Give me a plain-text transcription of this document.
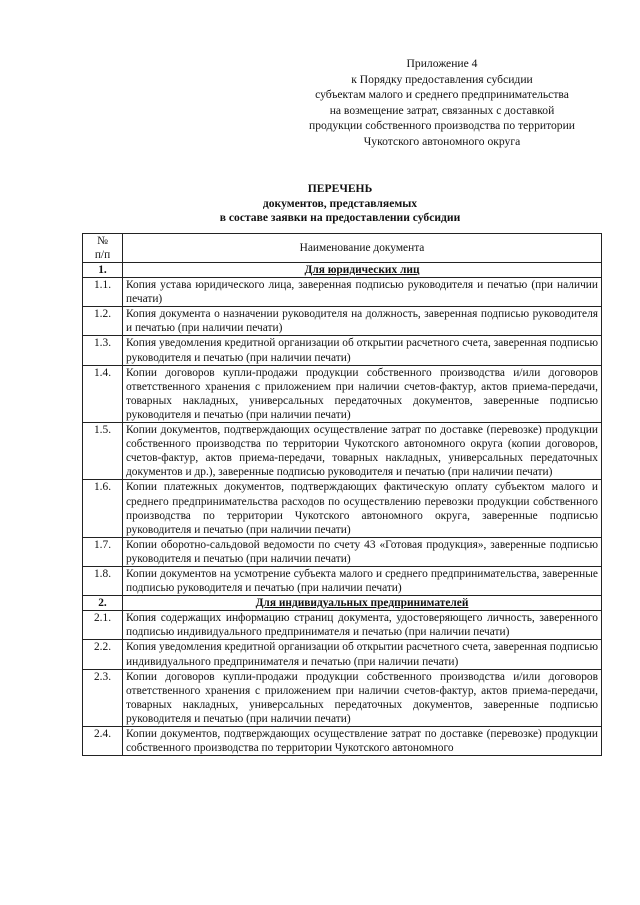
Приложение 4
к Порядку предоставления субсидии
субъектам малого и среднего предпринимательства
на возмещение затрат, связанных с доставкой
продукции собственного производства по территории
Чукотского автономного округа
ПЕРЕЧЕНЬ
документов, представляемых
в составе заявки на предоставлении субсидии
№
п/п	Наименование документа
1.	Для юридических лиц
1.1.	Копия устава юридического лица, заверенная подписью руководителя и печатью (при наличии печати)
1.2.	Копия документа о назначении руководителя на должность, заверенная подписью руководителя и печатью (при наличии печати)
1.3.	Копия уведомления кредитной организации об открытии расчетного счета, заверенная подписью руководителя и печатью (при наличии печати)
1.4.	Копии договоров купли-продажи продукции собственного производства и/или договоров ответственного хранения с приложением при наличии счетов-фактур, актов приема-передачи, товарных накладных, универсальных передаточных документов, заверенные подписью руководителя и печатью (при наличии печати)
1.5.	Копии документов, подтверждающих осуществление затрат по доставке (перевозке) продукции собственного производства по территории Чукотского автономного округа (копии договоров, счетов-фактур, актов приема-передачи, товарных накладных, универсальных передаточных документов и др.), заверенные подписью руководителя и печатью (при наличии печати)
1.6.	Копии платежных документов, подтверждающих фактическую оплату субъектом малого и среднего предпринимательства расходов по осуществлению перевозки продукции собственного производства по территории Чукотского автономного округа, заверенные подписью руководителя и печатью (при наличии печати)
1.7.	Копии оборотно-сальдовой ведомости по счету 43 «Готовая продукция», заверенные подписью руководителя и печатью (при наличии печати)
1.8.	Копии документов на усмотрение субъекта малого и среднего предпринимательства, заверенные подписью руководителя и печатью (при наличии печати)
2.	Для индивидуальных предпринимателей
2.1.	Копия содержащих информацию страниц документа, удостоверяющего личность, заверенного подписью индивидуального предпринимателя и печатью (при наличии печати)
2.2.	Копия уведомления кредитной организации об открытии расчетного счета, заверенная подписью индивидуального предпринимателя и печатью (при наличии печати)
2.3.	Копии договоров купли-продажи продукции собственного производства и/или договоров ответственного хранения с приложением при наличии счетов-фактур, актов приема-передачи, товарных накладных, универсальных передаточных документов, заверенные подписью руководителя и печатью (при наличии печати)
2.4.	Копии документов, подтверждающих осуществление затрат по доставке (перевозке) продукции собственного производства по территории Чукотского автономного
